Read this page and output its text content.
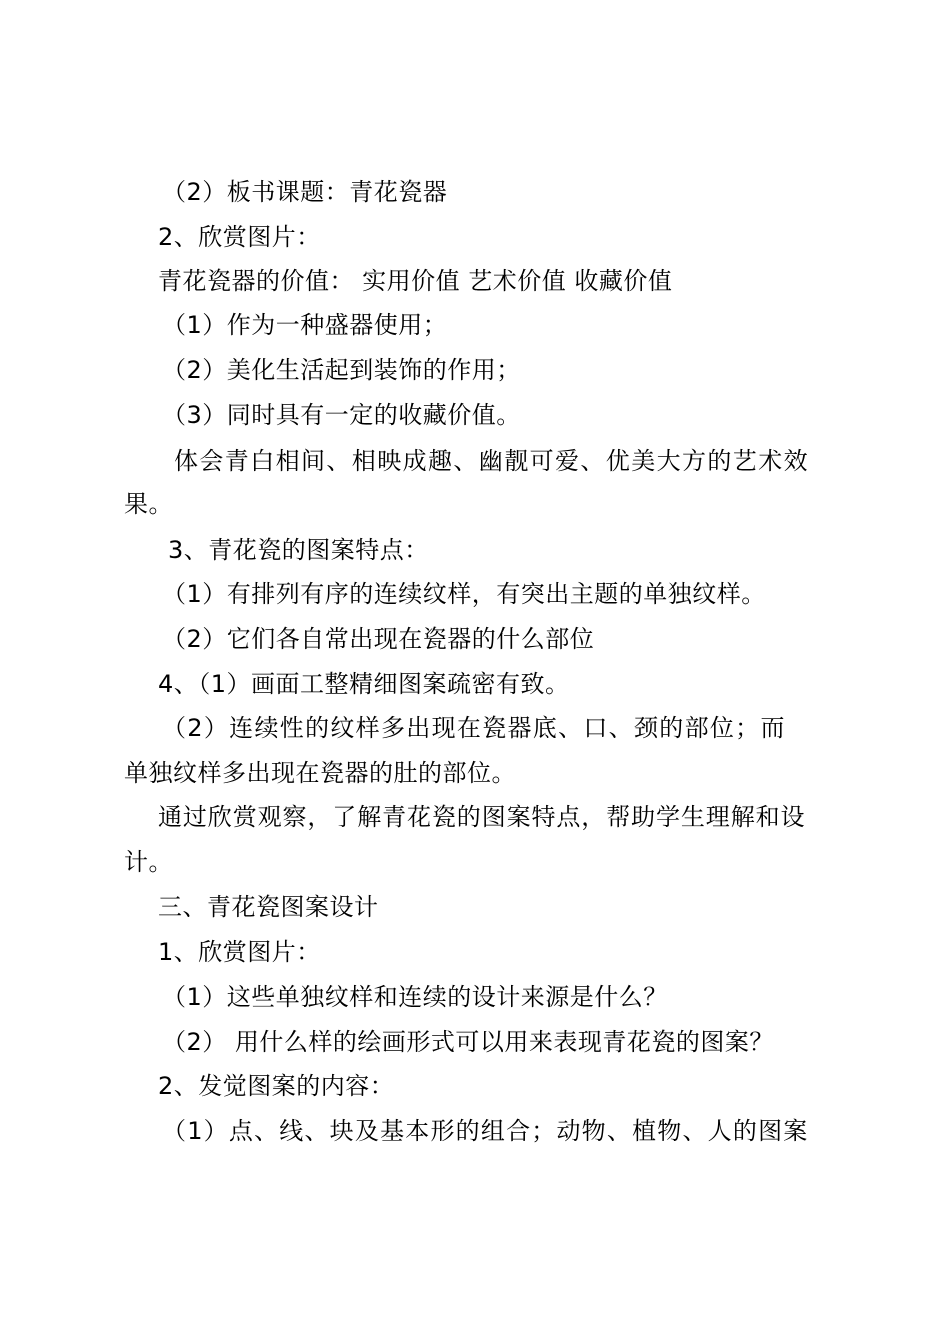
（2）板书课题：青花瓷器
2、欣赏图片：
青花瓷器的价值： 实用价值 艺术价值 收藏价值
（1）作为一种盛器使用；
（2）美化生活起到装饰的作用；
（3）同时具有一定的收藏价值。
体会青白相间、相映成趣、幽靓可爱、优美大方的艺术效
果。
3、青花瓷的图案特点：
（1）有排列有序的连续纹样，有突出主题的单独纹样。
（2）它们各自常出现在瓷器的什么部位
4、（1）画面工整精细图案疏密有致。
（2）连续性的纹样多出现在瓷器底、口、颈的部位；而
单独纹样多出现在瓷器的肚的部位。
通过欣赏观察，了解青花瓷的图案特点，帮助学生理解和设
计。
三、青花瓷图案设计
1、欣赏图片：
（1）这些单独纹样和连续的设计来源是什么？
（2） 用什么样的绘画形式可以用来表现青花瓷的图案？
2、发觉图案的内容：
（1）点、线、块及基本形的组合；动物、植物、人的图案
